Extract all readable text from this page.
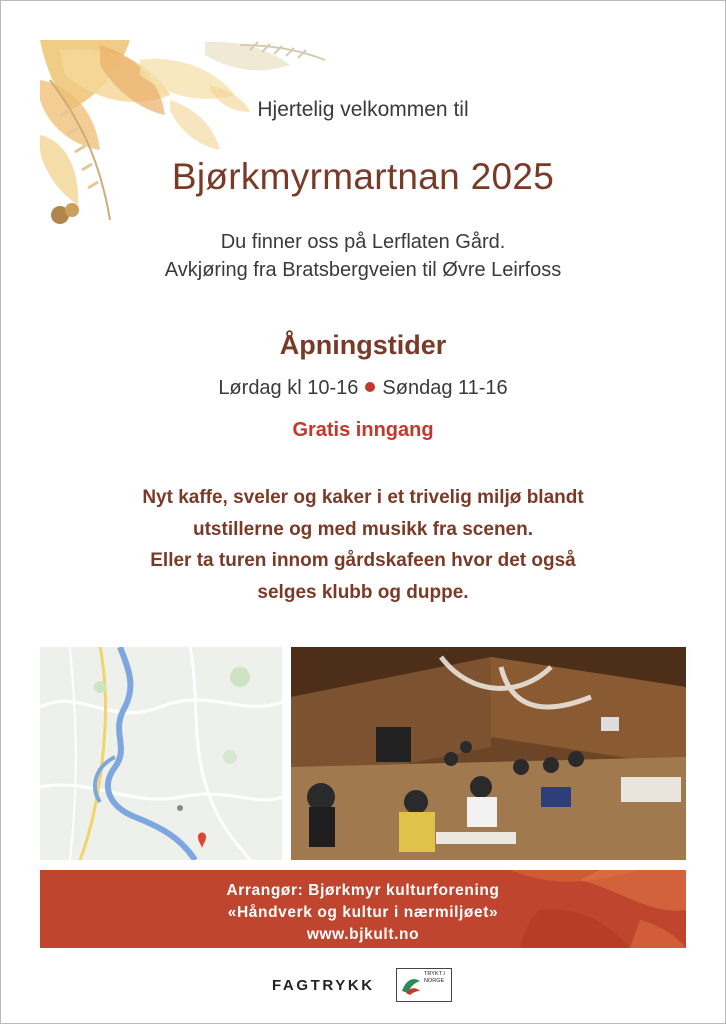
Hjertelig velkommen til
Bjørkmyrmartnan 2025
Du finner oss på Lerflaten Gård.
Avkjøring fra Bratsbergveien til Øvre Leirfoss
Åpningstider
Lørdag kl 10-16 Søndag 11-16
Gratis inngang
Nyt kaffe, sveler og kaker i et trivelig miljø blandt
utstillerne og med musikk fra scenen.
Eller ta turen innom gårdskafeen hvor det også
selges klubb og duppe.
Arrangør: Bjørkmyr kulturforening
«Håndverk og kultur i nærmiljøet»
www.bjkult.no
FAGTRYKK
TRYKT I
NORGE
